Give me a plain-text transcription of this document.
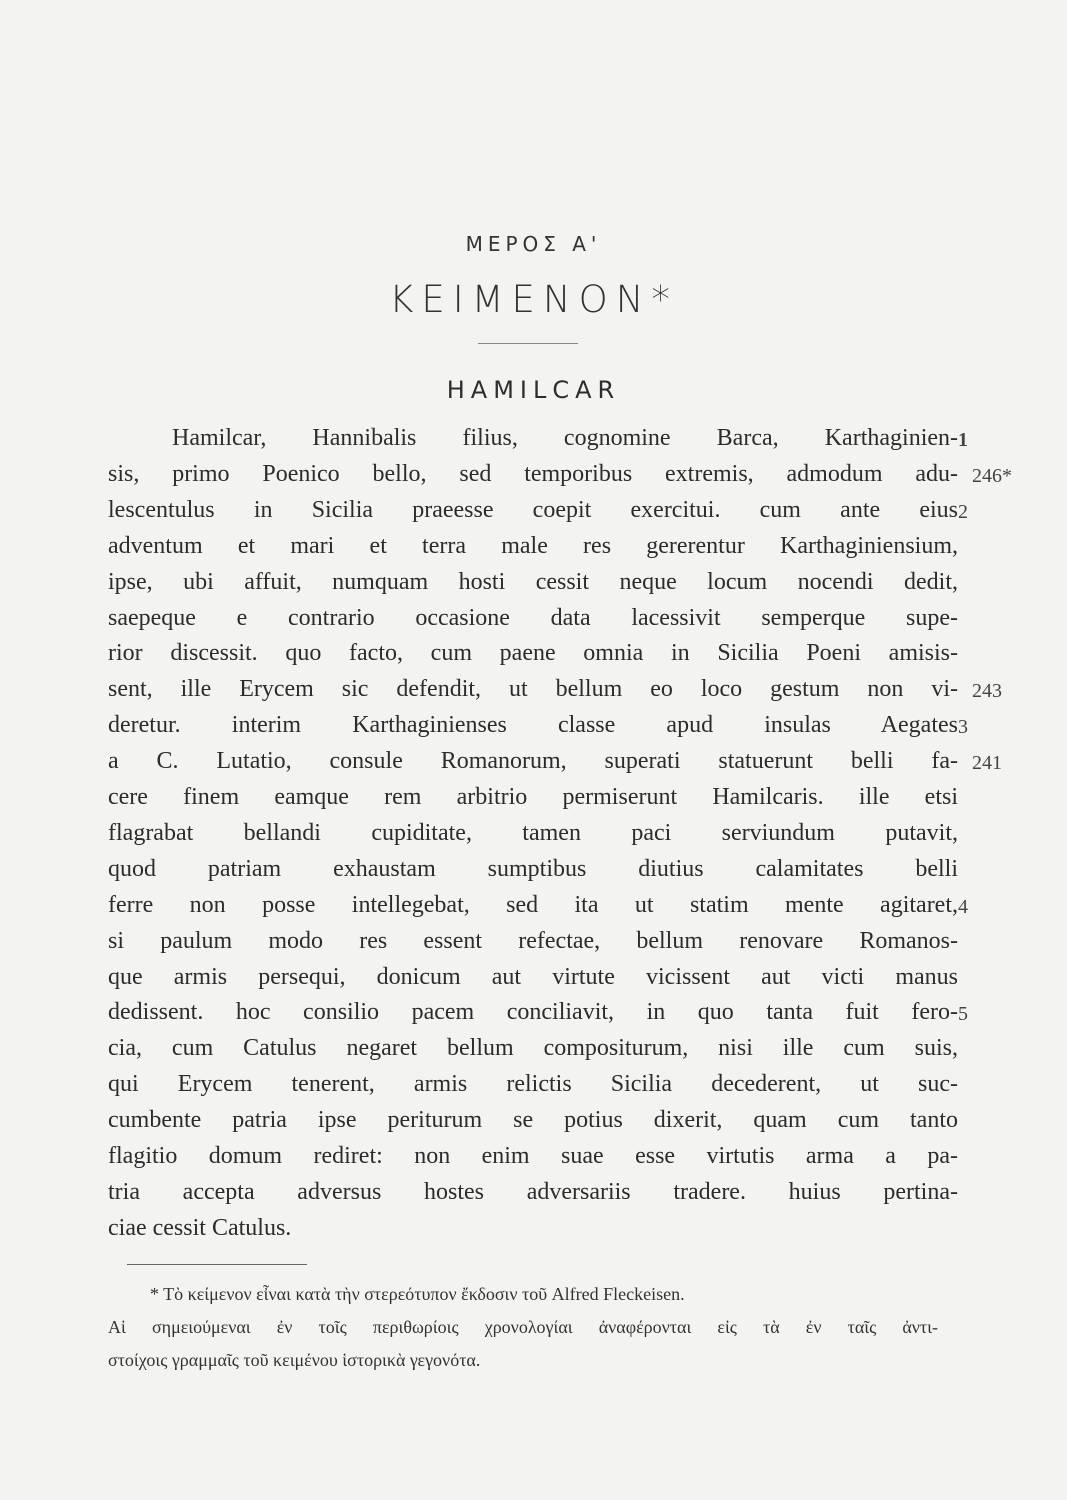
ΜΕΡΟΣ Α'
ΚΕΙΜΕΝΟΝ*
HAMILCAR
Hamilcar, Hannibalis filius, cognomine Barca, Karthaginien-
sis, primo Poenico bello, sed temporibus extremis, admodum adu-
lescentulus in Sicilia praeesse coepit exercitui. cum ante eius
adventum et mari et terra male res gererentur Karthaginiensium,
ipse, ubi affuit, numquam hosti cessit neque locum nocendi dedit,
saepeque e contrario occasione data lacessivit semperque supe-
rior discessit. quo facto, cum paene omnia in Sicilia Poeni amisis-
sent, ille Erycem sic defendit, ut bellum eo loco gestum non vi-
deretur. interim Karthaginienses classe apud insulas Aegates
a C. Lutatio, consule Romanorum, superati statuerunt belli fa-
cere finem eamque rem arbitrio permiserunt Hamilcaris. ille etsi
flagrabat bellandi cupiditate, tamen paci serviundum putavit,
quod patriam exhaustam sumptibus diutius calamitates belli
ferre non posse intellegebat, sed ita ut statim mente agitaret,
si paulum modo res essent refectae, bellum renovare Romanos-
que armis persequi, donicum aut virtute vicissent aut victi manus
dedissent. hoc consilio pacem conciliavit, in quo tanta fuit fero-
cia, cum Catulus negaret bellum compositurum, nisi ille cum suis,
qui Erycem tenerent, armis relictis Sicilia decederent, ut suc-
cumbente patria ipse periturum se potius dixerit, quam cum tanto
flagitio domum rediret: non enim suae esse virtutis arma a pa-
tria accepta adversus hostes adversariis tradere. huius pertina-
ciae cessit Catulus.
1
246*
2
243
3
241
4
5
* Τὸ κείμενον εἶναι κατὰ τὴν στερεότυπον ἔκδοσιν τοῦ Alfred Fleckeisen.
Αἱ σημειούμεναι ἐν τοῖς περιθωρίοις χρονολογίαι ἀναφέρονται εἰς τὰ ἐν ταῖς ἀντι-
στοίχοις γραμμαῖς τοῦ κειμένου ἱστορικὰ γεγονότα.
